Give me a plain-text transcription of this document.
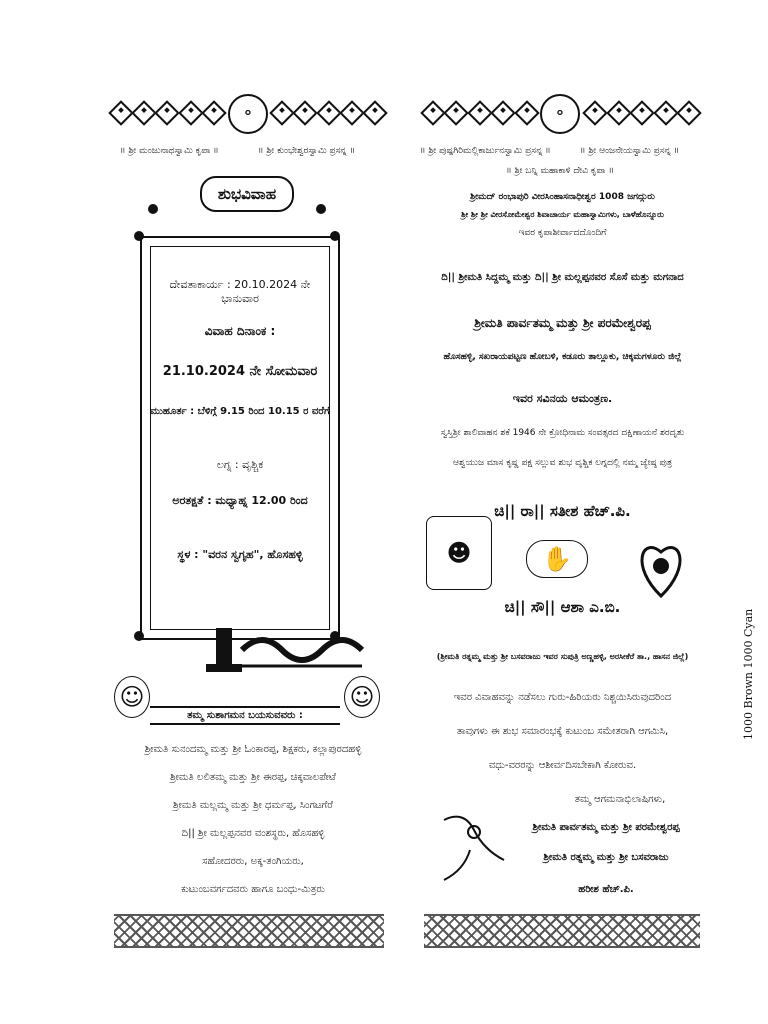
॰
॥ ಶ್ರೀ ಮಂಜುನಾಥಸ್ವಾಮಿ ಕೃಪಾ ॥	॥ ಶ್ರೀ ಕುಂಭೇಶ್ವರಸ್ವಾಮಿ ಪ್ರಸನ್ನ ॥
ಶುಭವಿವಾಹ
ದೇವತಾಕಾರ್ಯ : 20.10.2024 ನೇ ಭಾನುವಾರ
ವಿವಾಹ ದಿನಾಂಕ :
21.10.2024 ನೇ ಸೋಮವಾರ
ಮುಹೂರ್ತ : ಬೆಳಿಗ್ಗೆ 9.15 ರಿಂದ 10.15 ರ ವರೆಗೆ
ಲಗ್ನ : ವೃಶ್ಚಿಕ
ಅರತಕ್ಷತೆ : ಮಧ್ಯಾಹ್ನ 12.00 ರಿಂದ
ಸ್ಥಳ : "ವರನ ಸ್ವಗೃಹ", ಹೊಸಹಳ್ಳಿ
☺	☺
ತಮ್ಮ ಸುಶಾಗಮನ ಬಯಸುವವರು :
ಶ್ರೀಮತಿ ಸುನಂದಮ್ಮ ಮತ್ತು ಶ್ರೀ ಓಂಕಾರಪ್ಪ, ಶಿಕ್ಷಕರು, ಕಲ್ಲಾಪುರದಹಳ್ಳಿ
ಶ್ರೀಮತಿ ಲಲಿತಮ್ಮ ಮತ್ತು ಶ್ರೀ ಈರಪ್ಪ, ಚಿಕ್ಕವಾಲಪೇಟೆ
ಶ್ರೀಮತಿ ಮಲ್ಲಮ್ಮ ಮತ್ತು ಶ್ರೀ ಧರ್ಮಪ್ಪ, ಸಿಂಗಟಗೆರೆ
ದಿ|| ಶ್ರೀ ಮಲ್ಲಪ್ಪನವರ ವಂಶಸ್ಥರು, ಹೊಸಹಳ್ಳಿ
ಸಹೋದರರು, ಅಕ್ಕ-ತಂಗಿಯರು,
ಕುಟುಂಬವರ್ಗದವರು ಹಾಗೂ ಬಂಧು-ಮಿತ್ರರು
॰
॥ ಶ್ರೀ ಪುಷ್ಪಗಿರಿಮಲ್ಲಿಕಾರ್ಜುನಸ್ವಾಮಿ ಪ್ರಸನ್ನ ॥	॥ ಶ್ರೀ ಆಂಜನೇಯಸ್ವಾಮಿ ಪ್ರಸನ್ನ ॥
॥ ಶ್ರೀ ಬನ್ನಿ ಮಹಾಕಾಳಿ ದೇವಿ ಕೃಪಾ ॥
ಶ್ರೀಮದ್ ರಂಭಾಪುರಿ ವೀರಸಿಂಹಾಸನಾಧೀಶ್ವರ 1008 ಜಗದ್ಗುರು
ಶ್ರೀ ಶ್ರೀ ಶ್ರೀ ವೀರಸೋಮೇಶ್ವರ ಶಿವಾಚಾರ್ಯ ಮಹಾಸ್ವಾಮಿಗಳು, ಬಾಳೆಹೊನ್ನೂರು
ಇವರ ಕೃಪಾಶೀರ್ವಾದದೊಂದಿಗೆ
ದಿ|| ಶ್ರೀಮತಿ ಸಿದ್ದಮ್ಮ ಮತ್ತು ದಿ|| ಶ್ರೀ ಮಲ್ಲಪ್ಪನವರ ಸೊಸೆ ಮತ್ತು ಮಗನಾದ
ಶ್ರೀಮತಿ ಪಾರ್ವತಮ್ಮ ಮತ್ತು ಶ್ರೀ ಪರಮೇಶ್ವರಪ್ಪ
ಹೊಸಹಳ್ಳಿ, ಸಖರಾಯಪಟ್ಟಣ ಹೋಬಳಿ, ಕಡೂರು ತಾಲ್ಲೂಕು, ಚಿಕ್ಕಮಗಳೂರು ಜಿಲ್ಲೆ
ಇವರ ಸವಿನಯ ಆಮಂತ್ರಣ.
ಸ್ವಸ್ತಿಶ್ರೀ ಶಾಲಿವಾಹನ ಶಕೆ 1946 ನೇ ಕ್ರೋಧಿನಾಮ ಸಂವತ್ಸರದ ದಕ್ಷಿಣಾಯನೆ ಶರದೃತು
ಆಶ್ವಯುಜ ಮಾಸ ಕೃಷ್ಣ ಪಕ್ಷ ಸಲ್ಲುವ ಶುಭ ವೃಶ್ಚಿಕ ಲಗ್ನದಲ್ಲಿ ನಮ್ಮ ಜ್ಯೇಷ್ಠ ಪುತ್ರ
ಚಿ|| ರಾ|| ಸತೀಶ ಹೆಚ್.ಪಿ.
☻	✋
ಚಿ|| ಸೌ|| ಆಶಾ ಎ.ಬಿ.
(ಶ್ರೀಮತಿ ರತ್ನಮ್ಮ ಮತ್ತು ಶ್ರೀ ಬಸವರಾಜು ಇವರ ಸುಪುತ್ರಿ ಅಣ್ಣಹಳ್ಳಿ, ಅರಸೀಕೆರೆ ತಾ., ಹಾಸನ ಜಿಲ್ಲೆ)
ಇವರ ವಿವಾಹವನ್ನು ನಡೆಸಲು ಗುರು-ಹಿರಿಯರು ನಿಶ್ಚಯಿಸಿರುವುದರಿಂದ
ತಾವುಗಳು ಈ ಶುಭ ಸಮಾರಂಭಕ್ಕೆ ಕುಟುಂಬ ಸಮೇತರಾಗಿ ಆಗಮಿಸಿ,
ವಧು-ವರರನ್ನು ಆಶೀರ್ವದಿಸಬೇಕಾಗಿ ಕೋರುವ.
ತಮ್ಮ ಆಗಮನಾಭಿಲಾಷಿಗಳು,
ಶ್ರೀಮತಿ ಪಾರ್ವತಮ್ಮ ಮತ್ತು ಶ್ರೀ ಪರಮೇಶ್ವರಪ್ಪ
ಶ್ರೀಮತಿ ರತ್ನಮ್ಮ ಮತ್ತು ಶ್ರೀ ಬಸವರಾಜು
ಹರೀಶ ಹೆಚ್.ಪಿ.
1000 Brown 1000 Cyan
